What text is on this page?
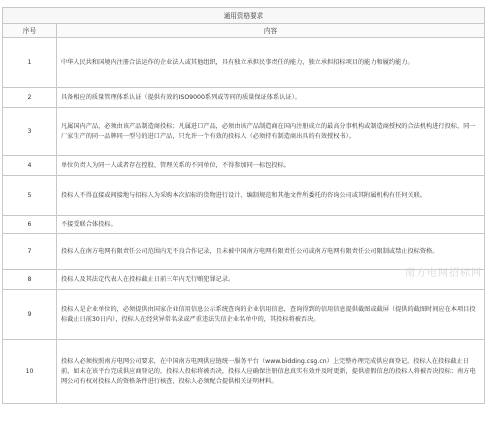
通用资格要求	
序号	内容
1	中华人民共和国境内注册合法运作的企业法人或其他组织，具有独立承担民事责任的能力，独立承担招标项目的能力和履约能力。
2	具备相应的质量管理体系认证（提供有效的ISO9000系列或等同的质量保证体系认证）。
3	凡属国内产品，必须由该产品制造商投标；凡属进口产品，必须由该产品制造商在国内注册成立的最高分事机构或制造商授权的合法机构进行投标，同一厂家生产的同一品牌同一型号的进口产品，只允许一个有效的投标人（必须持有制造商出具的有效授权书）。
4	单位负责人为同一人或者存在控股、管理关系的不同单位，不得参加同一标包投标。
5	投标人不得直接或间接地与招标人为采购本次招标的货物进行设计、编制规范和其他文件所委托的咨询公司或其附属机构有任何关联。
6	不接受联合体投标。
7	投标人在南方电网有限责任公司范围内无不良合作记录，且未被中国南方电网有限责任公司或南方电网有限责任公司限制或禁止投标资格。
8	投标人及其法定代表人在投标截止日前三年内无行贿犯罪记录。
9	投标人是企业单位的，必须提供由国家企业信用信息公示系统查询的企业信用信息，查询得到的信用信息提供截图或截屏（提供的截图时间应在本项目投标截止日前30日内），投标人在经营异常名录或严重违法失信企业名单中的，其投标将被否决。
10	投标人必须按照南方电网公司要求，在中国南方电网供应链统一服务平台（www.bidding.csg.cn）上完整办理完成供应商登记。投标人在投标截止日前，如未在该平台完成供应商登记的，投标人投标将被否决，投标人应确保注册信息真实有效并及时更新，提供虚假信息的投标人将被否决投标；南方电网公司有权对投标人的资格条件进行核查，投标人必须配合提供相关证明材料。
南方电网招标网
